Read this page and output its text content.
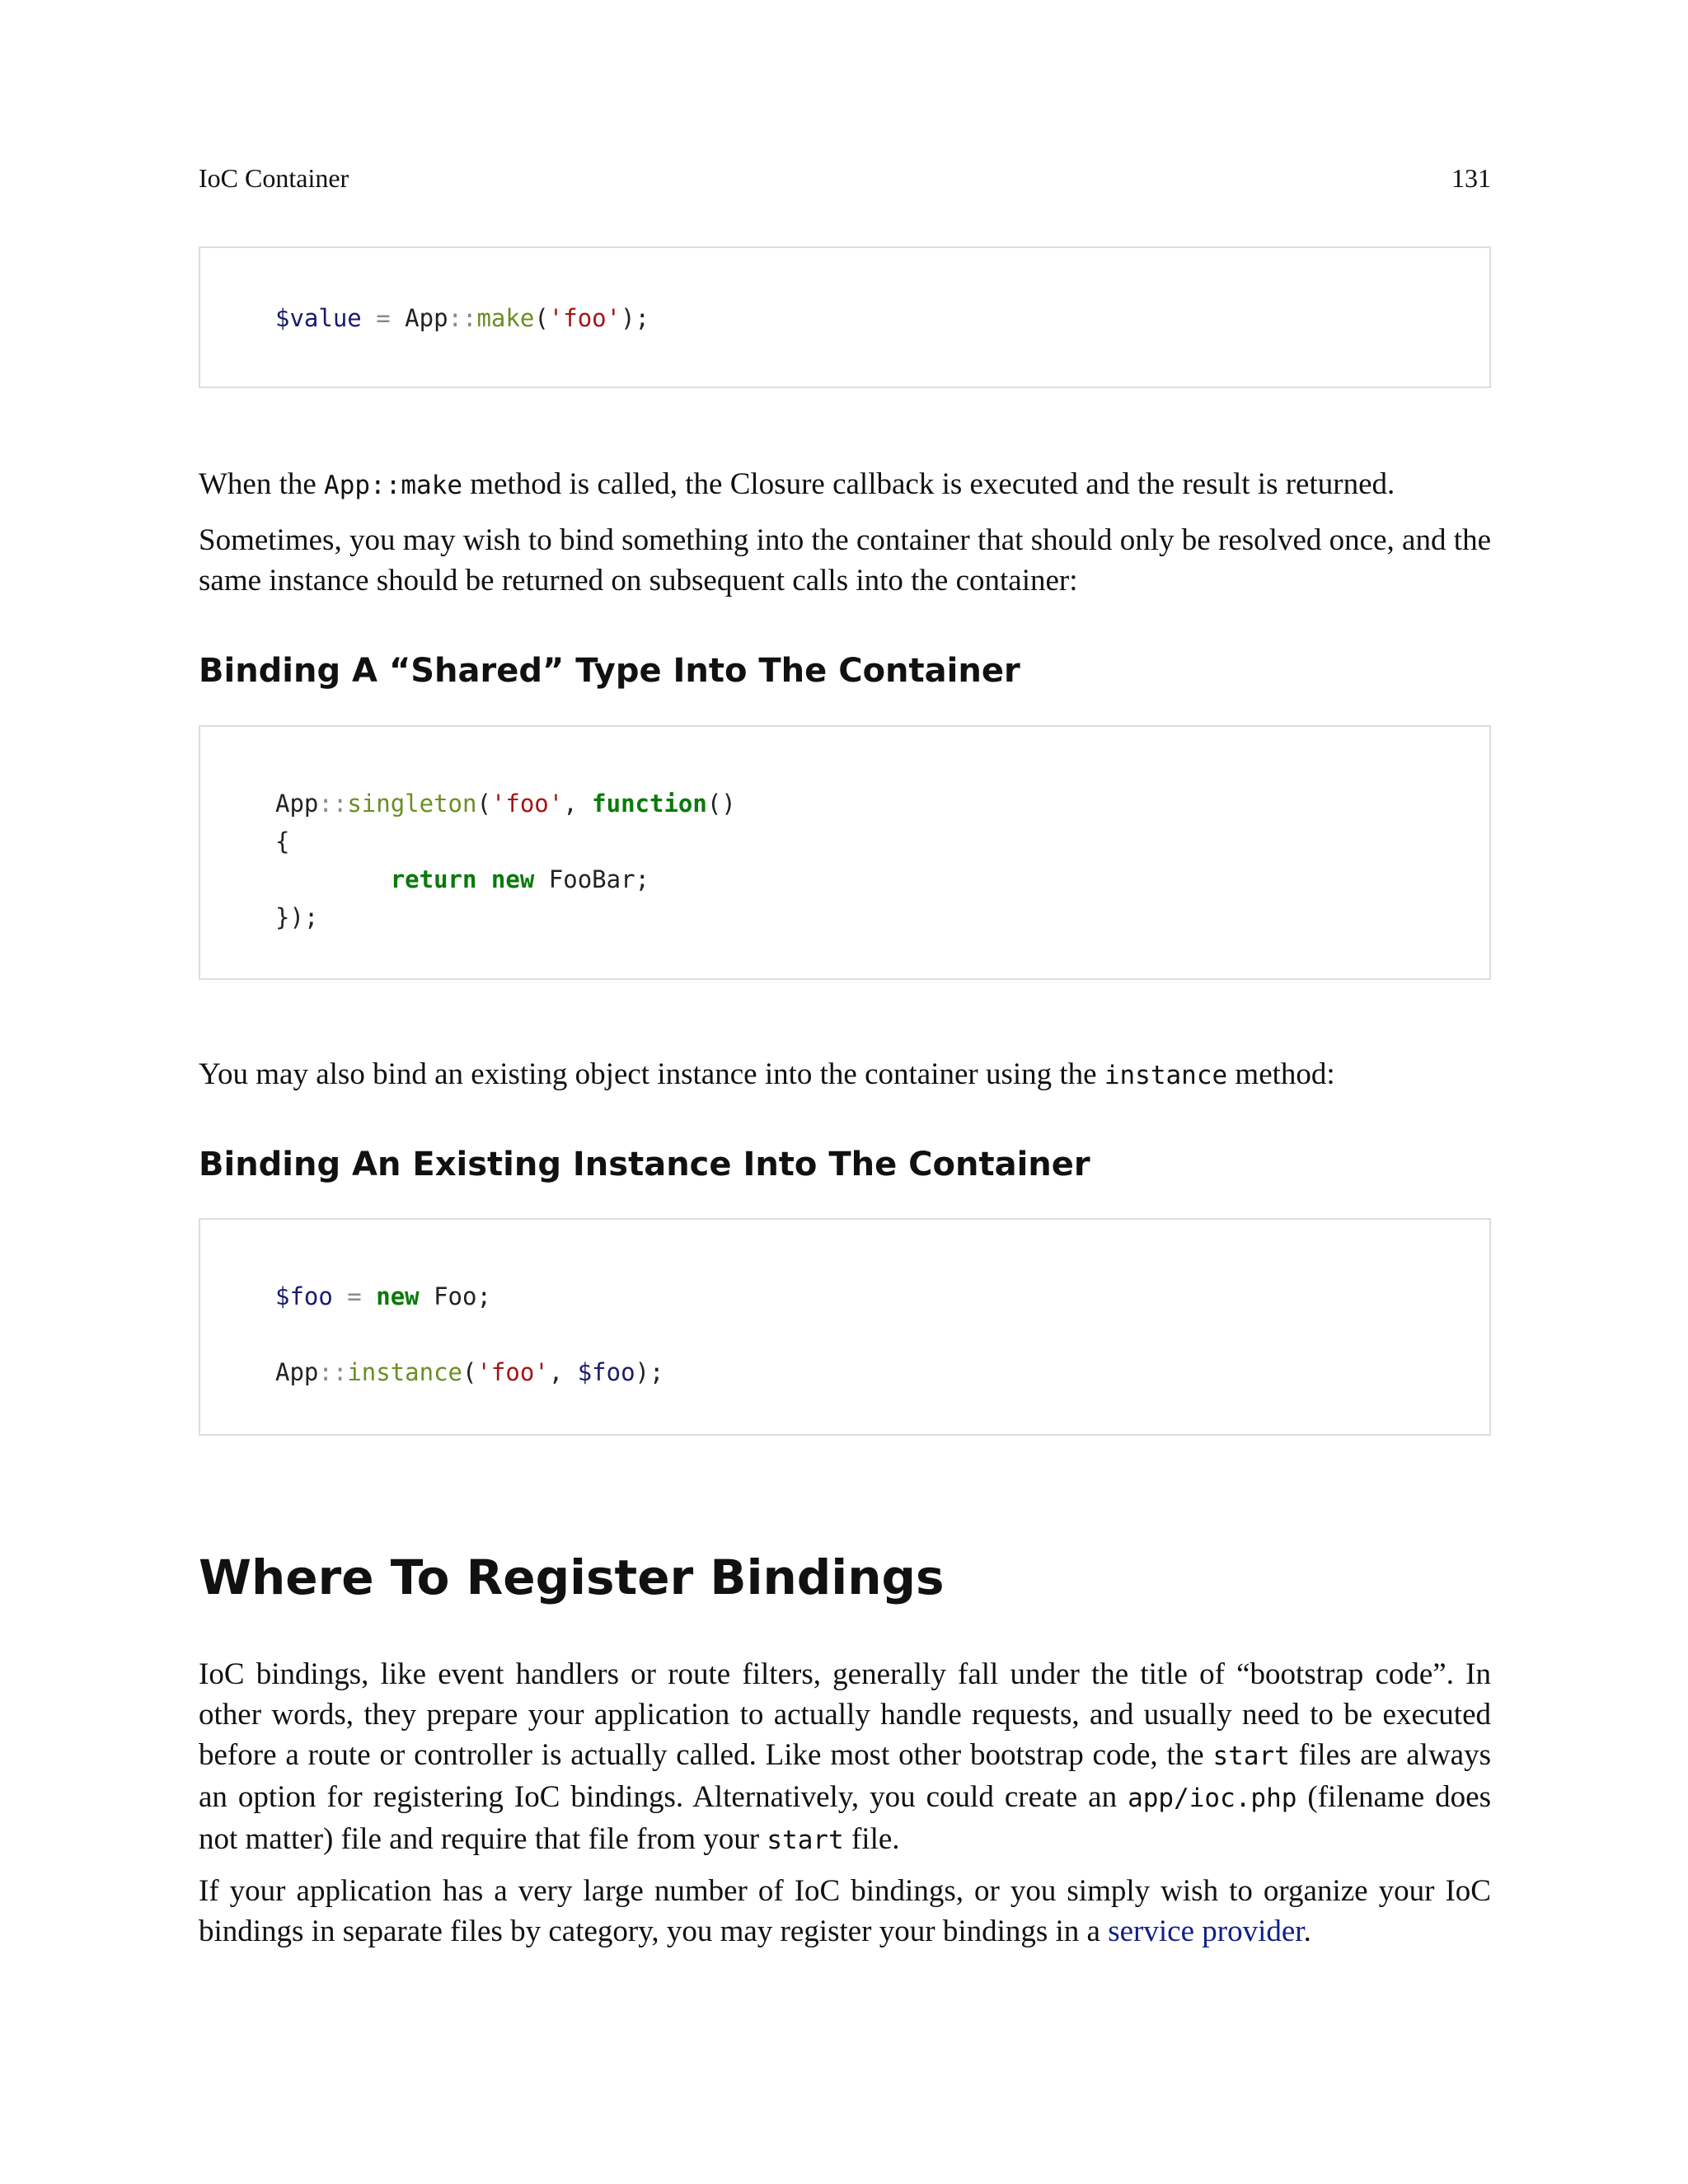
IoC Container	131
$value = App::make('foo');

When the App::make method is called, the Closure callback is executed and the result is returned.

Sometimes, you may wish to bind something into the container that should only be resolved once, and the same instance should be returned on subsequent calls into the container:

Binding A “Shared” Type Into The Container
App::singleton('foo', function()
{
return new FooBar;
});

You may also bind an existing object instance into the container using the instance method:

Binding An Existing Instance Into The Container
$foo = new Foo;

App::instance('foo', $foo);
Where To Register Bindings

IoC bindings, like event handlers or route filters, generally fall under the title of “bootstrap code”. In other words, they prepare your application to actually handle requests, and usually need to be executed before a route or controller is actually called. Like most other bootstrap code, the start files are always an option for registering IoC bindings. Alternatively, you could create an app/ioc.php (filename does not matter) file and require that file from your start file.

If your application has a very large number of IoC bindings, or you simply wish to organize your IoC bindings in separate files by category, you may register your bindings in a service provider.
